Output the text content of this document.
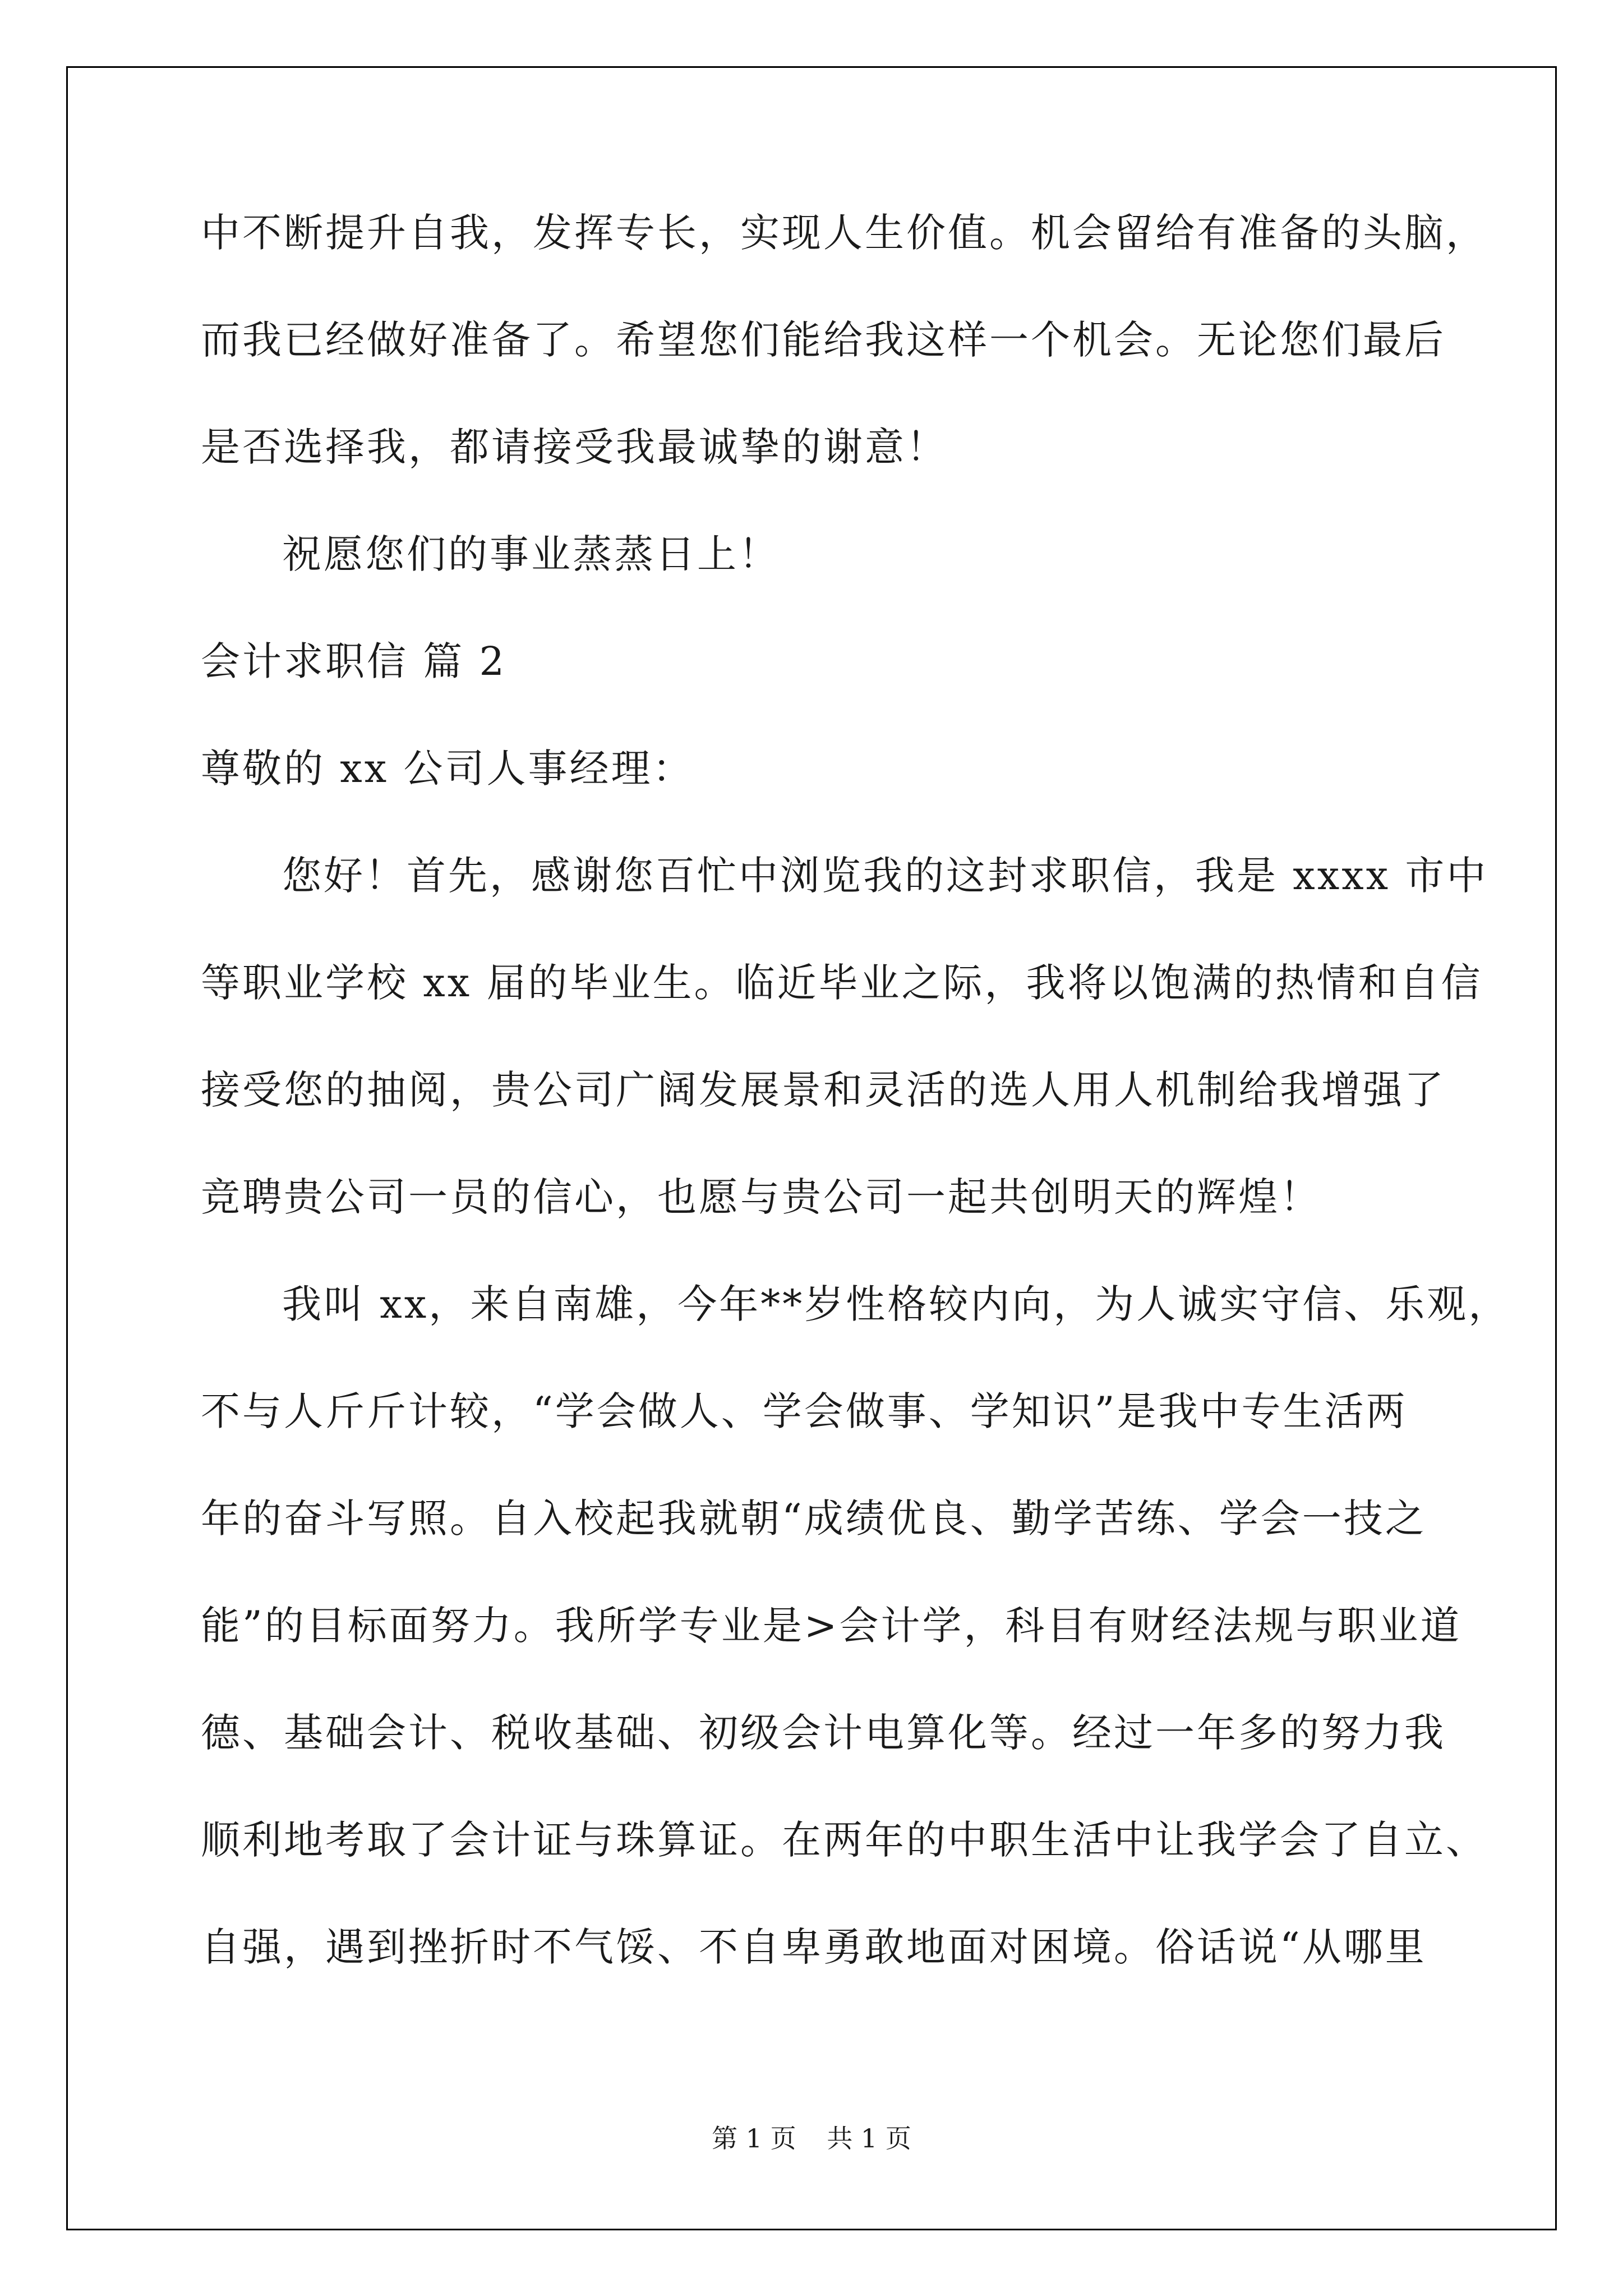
中不断提升自我，发挥专长，实现人生价值。机会留给有准备的头脑，
而我已经做好准备了。希望您们能给我这样一个机会。无论您们最后
是否选择我，都请接受我最诚挚的谢意！
祝愿您们的事业蒸蒸日上！
会计求职信 篇 2
尊敬的 xx 公司人事经理：
您好！首先，感谢您百忙中浏览我的这封求职信，我是 xxxx 市中
等职业学校 xx 届的毕业生。临近毕业之际，我将以饱满的热情和自信
接受您的抽阅，贵公司广阔发展景和灵活的选人用人机制给我增强了
竞聘贵公司一员的信心，也愿与贵公司一起共创明天的辉煌！
我叫 xx，来自南雄，今年**岁性格较内向，为人诚实守信、乐观，
不与人斤斤计较，“学会做人、学会做事、学知识”是我中专生活两
年的奋斗写照。自入校起我就朝“成绩优良、勤学苦练、学会一技之
能”的目标面努力。我所学专业是>会计学，科目有财经法规与职业道
德、基础会计、税收基础、初级会计电算化等。经过一年多的努力我
顺利地考取了会计证与珠算证。在两年的中职生活中让我学会了自立、
自强，遇到挫折时不气馁、不自卑勇敢地面对困境。俗话说“从哪里
第 1 页 共 1 页
